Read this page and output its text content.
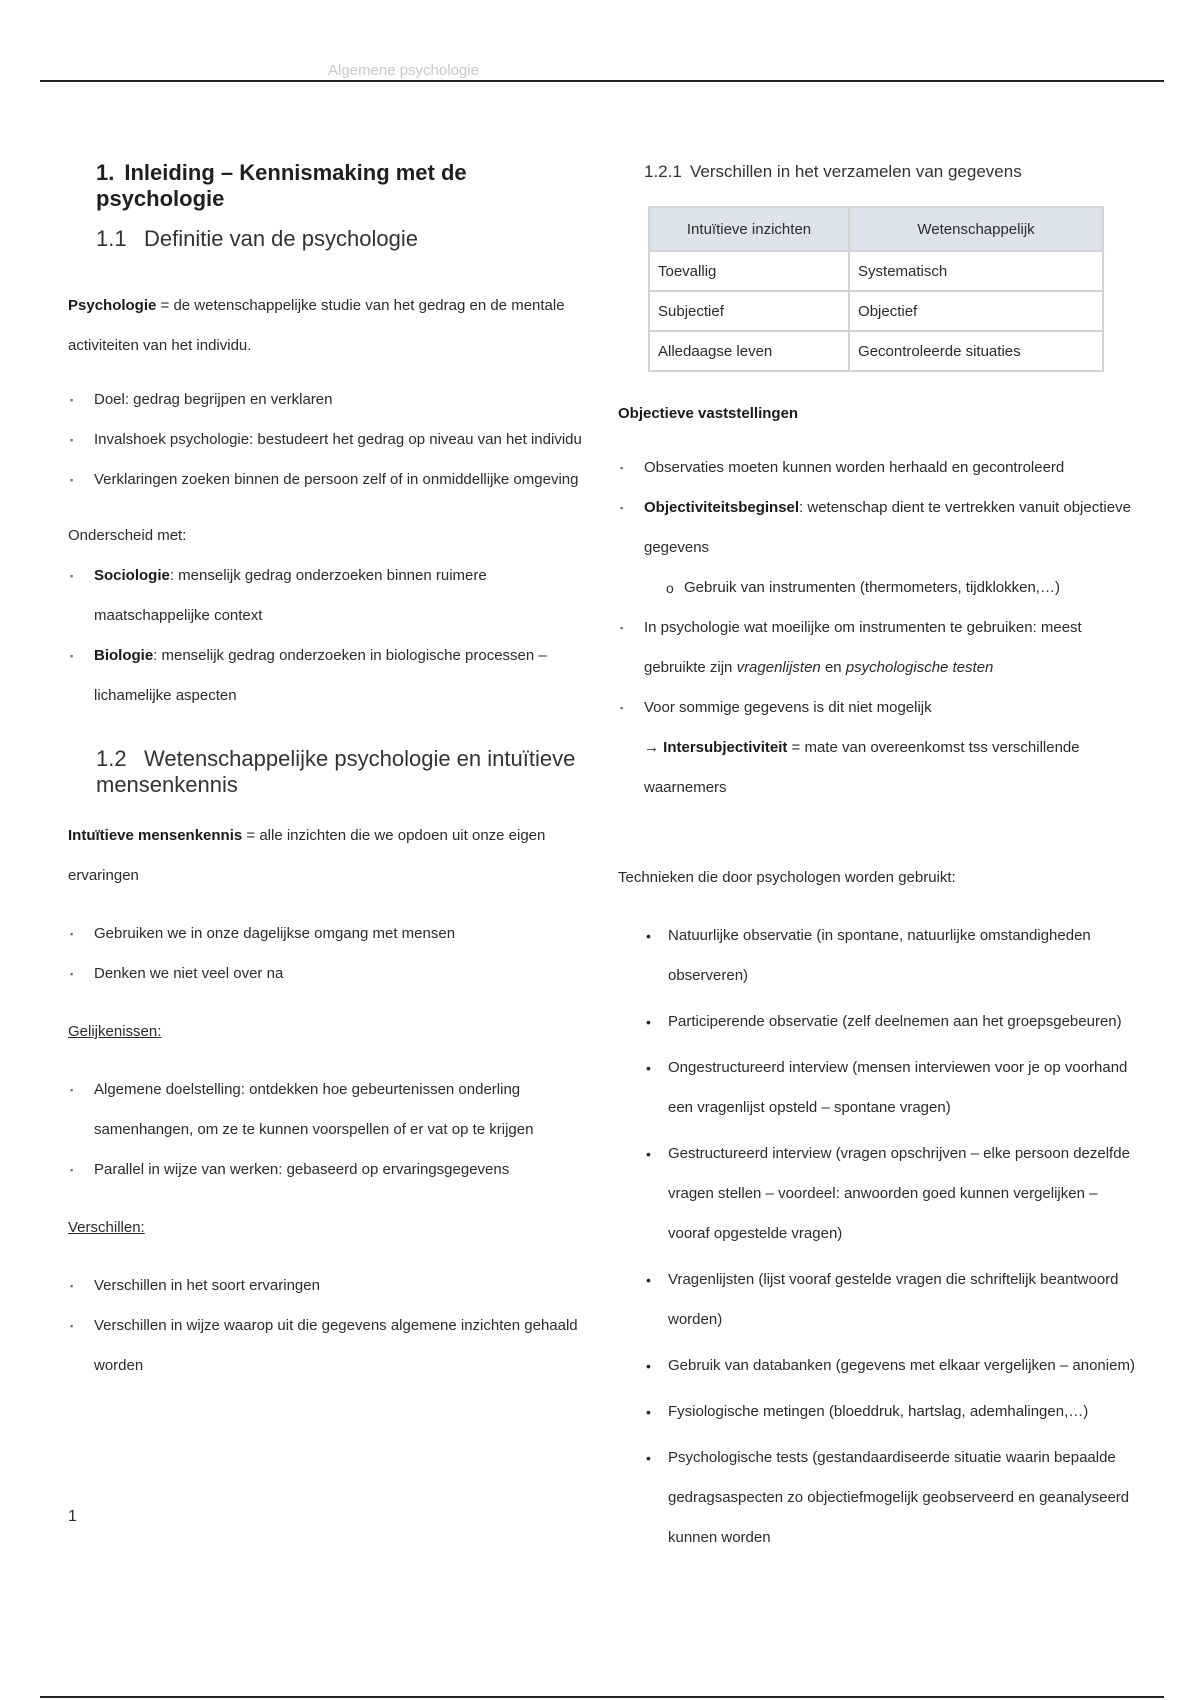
Algemene psychologie
1. Inleiding – Kennismaking met de psychologie
1.1 Definitie van de psychologie

Psychologie = de wetenschappelijke studie van het gedrag en de mentale activiteiten van het individu.

▪ Doel: gedrag begrijpen en verklaren
▪ Invalshoek psychologie: bestudeert het gedrag op niveau van het individu
▪ Verklaringen zoeken binnen de persoon zelf of in onmiddellijke omgeving

Onderscheid met:

▪ Sociologie: menselijk gedrag onderzoeken binnen ruimere maatschappelijke context
▪ Biologie: menselijk gedrag onderzoeken in biologische processen – lichamelijke aspecten
1.2 Wetenschappelijke psychologie en intuïtieve mensenkennis

Intuïtieve mensenkennis = alle inzichten die we opdoen uit onze eigen ervaringen

▪ Gebruiken we in onze dagelijkse omgang met mensen
▪ Denken we niet veel over na

Gelijkenissen:

▪ Algemene doelstelling: ontdekken hoe gebeurtenissen onderling samenhangen, om ze te kunnen voorspellen of er vat op te krijgen
▪ Parallel in wijze van werken: gebaseerd op ervaringsgegevens

Verschillen:

▪ Verschillen in het soort ervaringen
▪ Verschillen in wijze waarop uit die gegevens algemene inzichten gehaald worden
1.2.1 Verschillen in het verzamelen van gegevens
Intuïtieve inzichten	Wetenschappelijk
Toevallig	Systematisch
Subjectief	Objectief
Alledaagse leven	Gecontroleerde situaties

Objectieve vaststellingen

▪ Observaties moeten kunnen worden herhaald en gecontroleerd
▪ Objectiviteitsbeginsel: wetenschap dient te vertrekken vanuit objectieve gegevens
o Gebruik van instrumenten (thermometers, tijdklokken,…)
▪ In psychologie wat moeilijke om instrumenten te gebruiken: meest gebruikte zijn vragenlijsten en psychologische testen
▪ Voor sommige gegevens is dit niet mogelijk

→ Intersubjectiviteit = mate van overeenkomst tss verschillende waarnemers

Technieken die door psychologen worden gebruikt:

• Natuurlijke observatie (in spontane, natuurlijke omstandigheden observeren)
• Participerende observatie (zelf deelnemen aan het groepsgebeuren)
• Ongestructureerd interview (mensen interviewen voor je op voorhand een vragenlijst opsteld – spontane vragen)
• Gestructureerd interview (vragen opschrijven – elke persoon dezelfde vragen stellen – voordeel: anwoorden goed kunnen vergelijken – vooraf opgestelde vragen)
• Vragenlijsten (lijst vooraf gestelde vragen die schriftelijk beantwoord worden)
• Gebruik van databanken (gegevens met elkaar vergelijken – anoniem)
• Fysiologische metingen (bloeddruk, hartslag, ademhalingen,…)
• Psychologische tests (gestandaardiseerde situatie waarin bepaalde gedragsaspecten zo objectiefmogelijk geobserveerd en geanalyseerd kunnen worden
1
